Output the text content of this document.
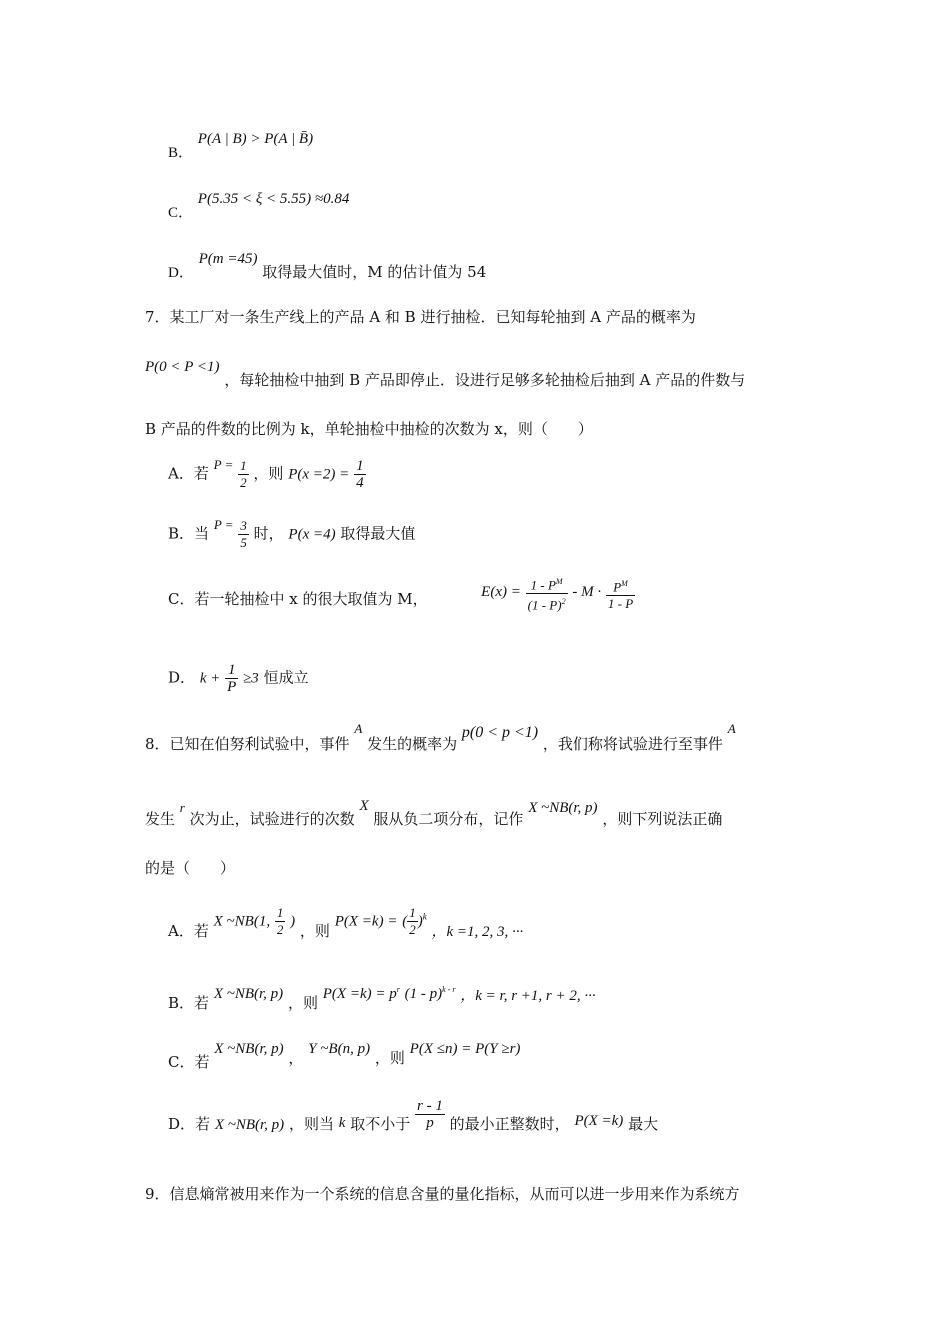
B． P(A | B) > P(A | B̄)
C． P(5.35 < ξ < 5.55) ≈0.84
D． P(m =45) 取得最大值时，M 的估计值为 54
7．某工厂对一条生产线上的产品 A 和 B 进行抽检．已知每轮抽到 A 产品的概率为
P(0 < P <1) ，每轮抽检中抽到 B 产品即停止．设进行足够多轮抽检后抽到 A 产品的件数与
B 产品的件数的比例为 k，单轮抽检中抽检的次数为 x，则（　　）
A．若 $P = \frac{1}{2}$ ，则 $P(x =2) = \frac{1}{4}$
B．当 $P = \frac{3}{5}$ 时， P(x =4) 取得最大值
C．若一轮抽检中 x 的很大取值为 M，	$E(x) = \frac{1 - P^M}{(1 - P)^2} - M \cdot \frac{P^M}{1 - P}$
D． $k + \frac{1}{P} \ge 3$ 恒成立
8．已知在伯努利试验中，事件 A 发生的概率为 p(0 < p <1) ，我们称将试验进行至事件 A
发生 r 次为止，试验进行的次数 X 服从负二项分布，记作 X ~NB(r, p) ，则下列说法正确
的是（　　）
A．若 X ~NB(1, $\frac{1}{2}$ ) ，则 P(X =k) = ( $\frac{1}{2} )^k$ ，k =1, 2, 3, ···
B．若 X ~NB(r, p) ，则 $P(X =k) = p^r$ (1 - p)$^{k - r}$ ，k = r, r +1, r + 2, ···
C．若 X ~NB(r, p) ， Y ~B(n, p) ，则 P(X ≤n) = P(Y ≥r)
D．若 X ~NB(r, p) ，则当 k 取不小于 $\frac{r - 1}{p}$ 的最小正整数时， P(X =k) 最大
9．信息熵常被用来作为一个系统的信息含量的量化指标，从而可以进一步用来作为系统方
